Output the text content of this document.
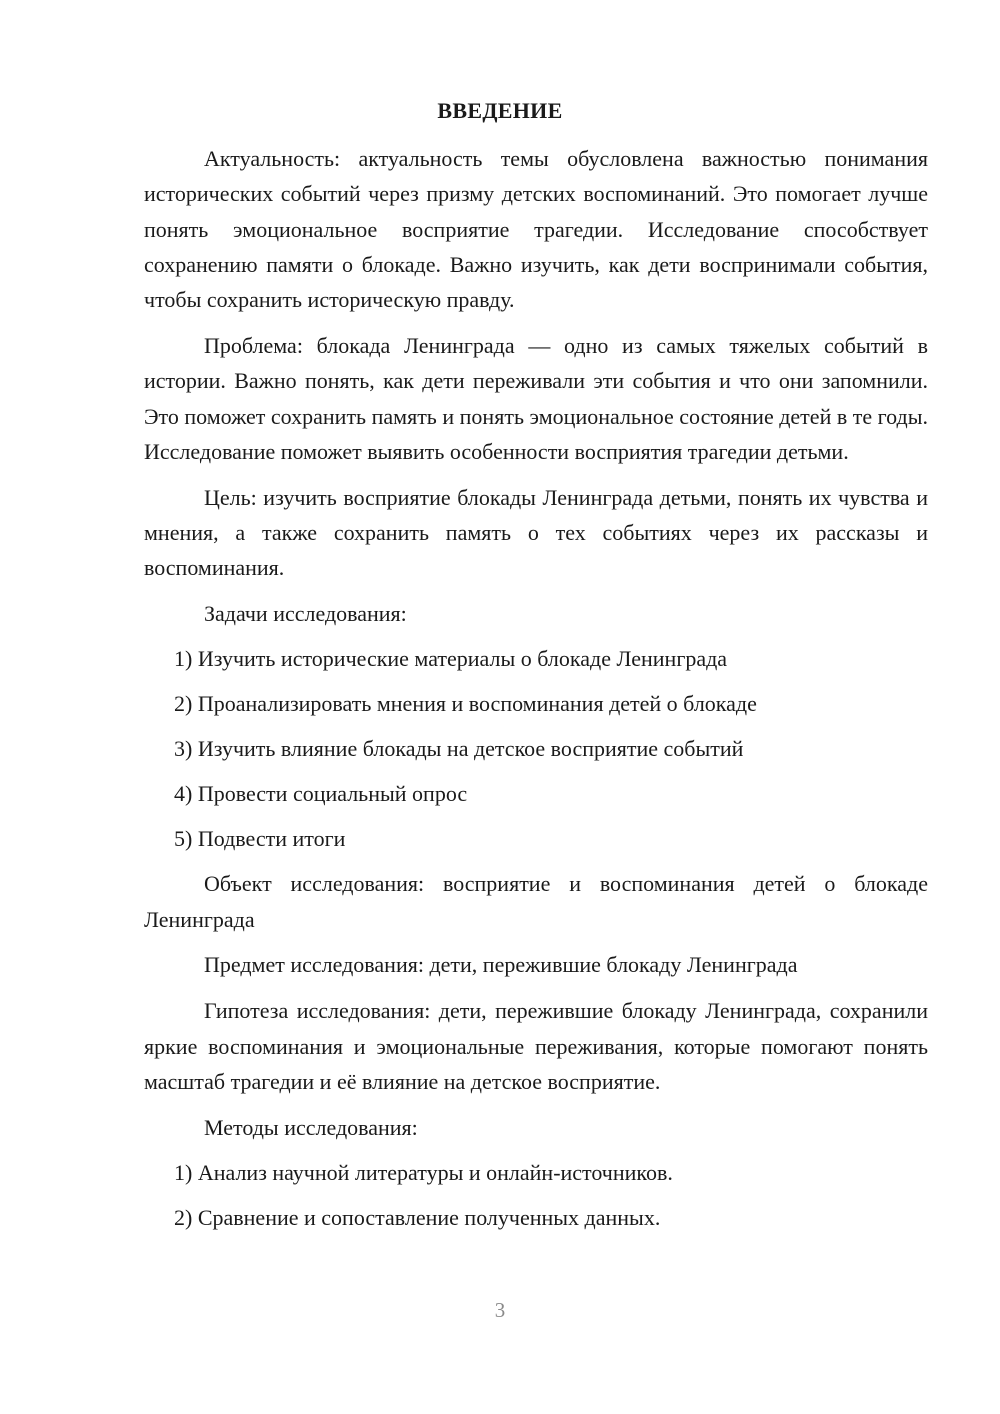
ВВЕДЕНИЕ

Актуальность: актуальность темы обусловлена важностью понимания исторических событий через призму детских воспоминаний. Это помогает лучше понять эмоциональное восприятие трагедии. Исследование способствует сохранению памяти о блокаде. Важно изучить, как дети воспринимали события, чтобы сохранить историческую правду.

Проблема: блокада Ленинграда — одно из самых тяжелых событий в истории. Важно понять, как дети переживали эти события и что они запомнили. Это поможет сохранить память и понять эмоциональное состояние детей в те годы. Исследование поможет выявить особенности восприятия трагедии детьми.

Цель: изучить восприятие блокады Ленинграда детьми, понять их чувства и мнения, а также сохранить память о тех событиях через их рассказы и воспоминания.

Задачи исследования:

1) Изучить исторические материалы о блокаде Ленинграда

2) Проанализировать мнения и воспоминания детей о блокаде

3) Изучить влияние блокады на детское восприятие событий

4) Провести социальный опрос

5) Подвести итоги

Объект исследования: восприятие и воспоминания детей о блокаде Ленинграда

Предмет исследования: дети, пережившие блокаду Ленинграда

Гипотеза исследования: дети, пережившие блокаду Ленинграда, сохранили яркие воспоминания и эмоциональные переживания, которые помогают понять масштаб трагедии и её влияние на детское восприятие.

Методы исследования:

1) Анализ научной литературы и онлайн-источников.

2) Сравнение и сопоставление полученных данных.

3
